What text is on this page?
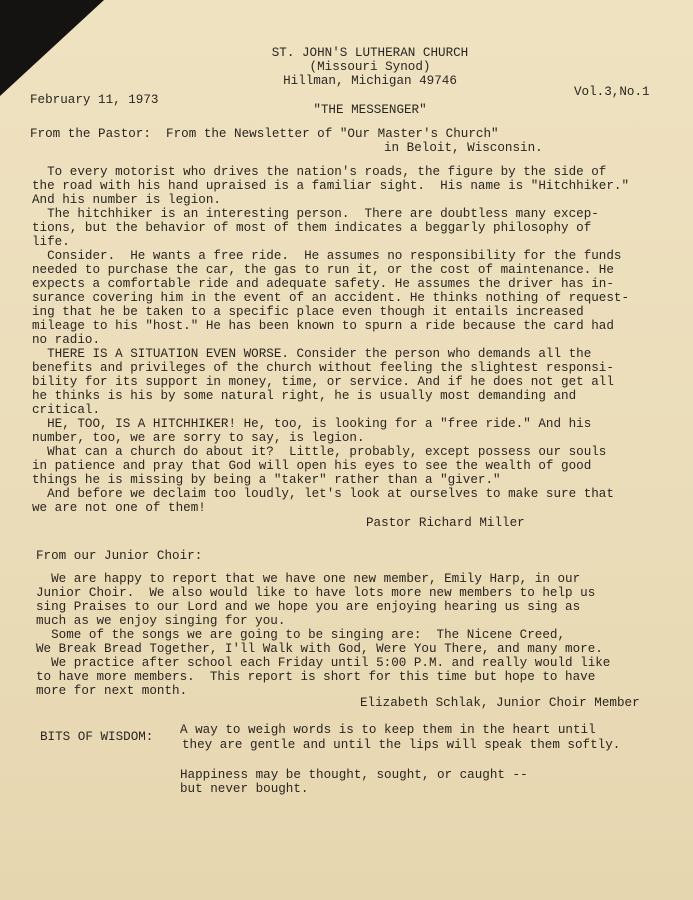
ST. JOHN'S LUTHERAN CHURCH
(Missouri Synod)
Hillman, Michigan 49746
February 11, 1973
Vol.3,No.1
"THE MESSENGER"
From the Pastor:  From the Newsletter of "Our Master's Church"
in Beloit, Wisconsin.
To every motorist who drives the nation's roads, the figure by the side of
the road with his hand upraised is a familiar sight.  His name is "Hitchhiker."
And his number is legion.
The hitchhiker is an interesting person.  There are doubtless many excep-
tions, but the behavior of most of them indicates a beggarly philosophy of
life.
Consider.  He wants a free ride.  He assumes no responsibility for the funds
needed to purchase the car, the gas to run it, or the cost of maintenance. He
expects a comfortable ride and adequate safety. He assumes the driver has in-
surance covering him in the event of an accident. He thinks nothing of request-
ing that he be taken to a specific place even though it entails increased
mileage to his "host." He has been known to spurn a ride because the card had
no radio.
THERE IS A SITUATION EVEN WORSE. Consider the person who demands all the
benefits and privileges of the church without feeling the slightest responsi-
bility for its support in money, time, or service. And if he does not get all
he thinks is his by some natural right, he is usually most demanding and
critical.
HE, TOO, IS A HITCHHIKER! He, too, is looking for a "free ride." And his
number, too, we are sorry to say, is legion.
What can a church do about it?  Little, probably, except possess our souls
in patience and pray that God will open his eyes to see the wealth of good
things he is missing by being a "taker" rather than a "giver."
And before we declaim too loudly, let's look at ourselves to make sure that
we are not one of them!
Pastor Richard Miller
From our Junior Choir:
We are happy to report that we have one new member, Emily Harp, in our
Junior Choir.  We also would like to have lots more new members to help us
sing Praises to our Lord and we hope you are enjoying hearing us sing as
much as we enjoy singing for you.
Some of the songs we are going to be singing are:  The Nicene Creed,
We Break Bread Together, I'll Walk with God, Were You There, and many more.
We practice after school each Friday until 5:00 P.M. and really would like
to have more members.  This report is short for this time but hope to have
more for next month.
Elizabeth Schlak, Junior Choir Member
BITS OF WISDOM: A way to weigh words is to keep them in the heart until
they are gentle and until the lips will speak them softly.
Happiness may be thought, sought, or caught --
but never bought.
